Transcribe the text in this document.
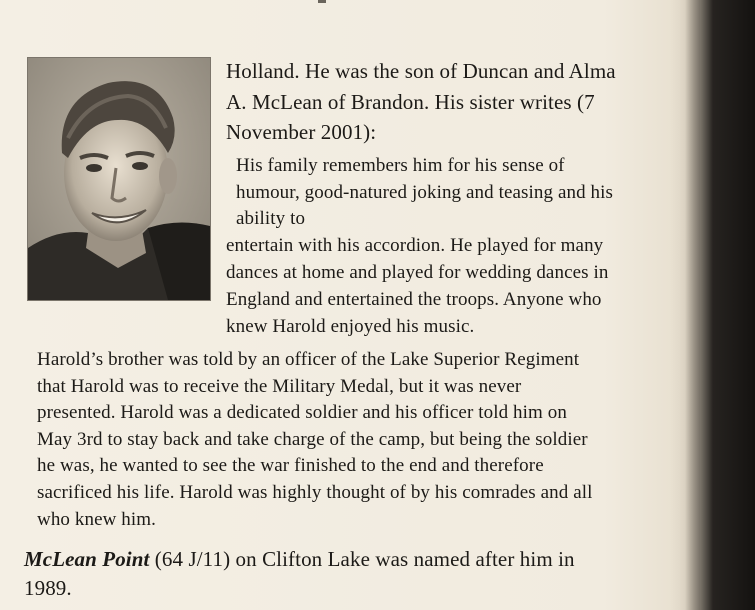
Holland. He was the son of Duncan and Alma
A. McLean of Brandon. His sister writes (7
November 2001):
His family remembers him for his sense of
humour, good-natured joking and teasing and his
ability to
entertain with his accordion. He played for many
dances at home and played for wedding dances in
England and entertained the troops. Anyone who
knew Harold enjoyed his music.
Harold’s brother was told by an officer of the Lake Superior Regiment
that Harold was to receive the Military Medal, but it was never
presented. Harold was a dedicated soldier and his officer told him on
May 3rd to stay back and take charge of the camp, but being the soldier
he was, he wanted to see the war finished to the end and therefore
sacrificed his life. Harold was highly thought of by his comrades and all
who knew him.
McLean Point (64 J/11) on Clifton Lake was named after him in
1989.
